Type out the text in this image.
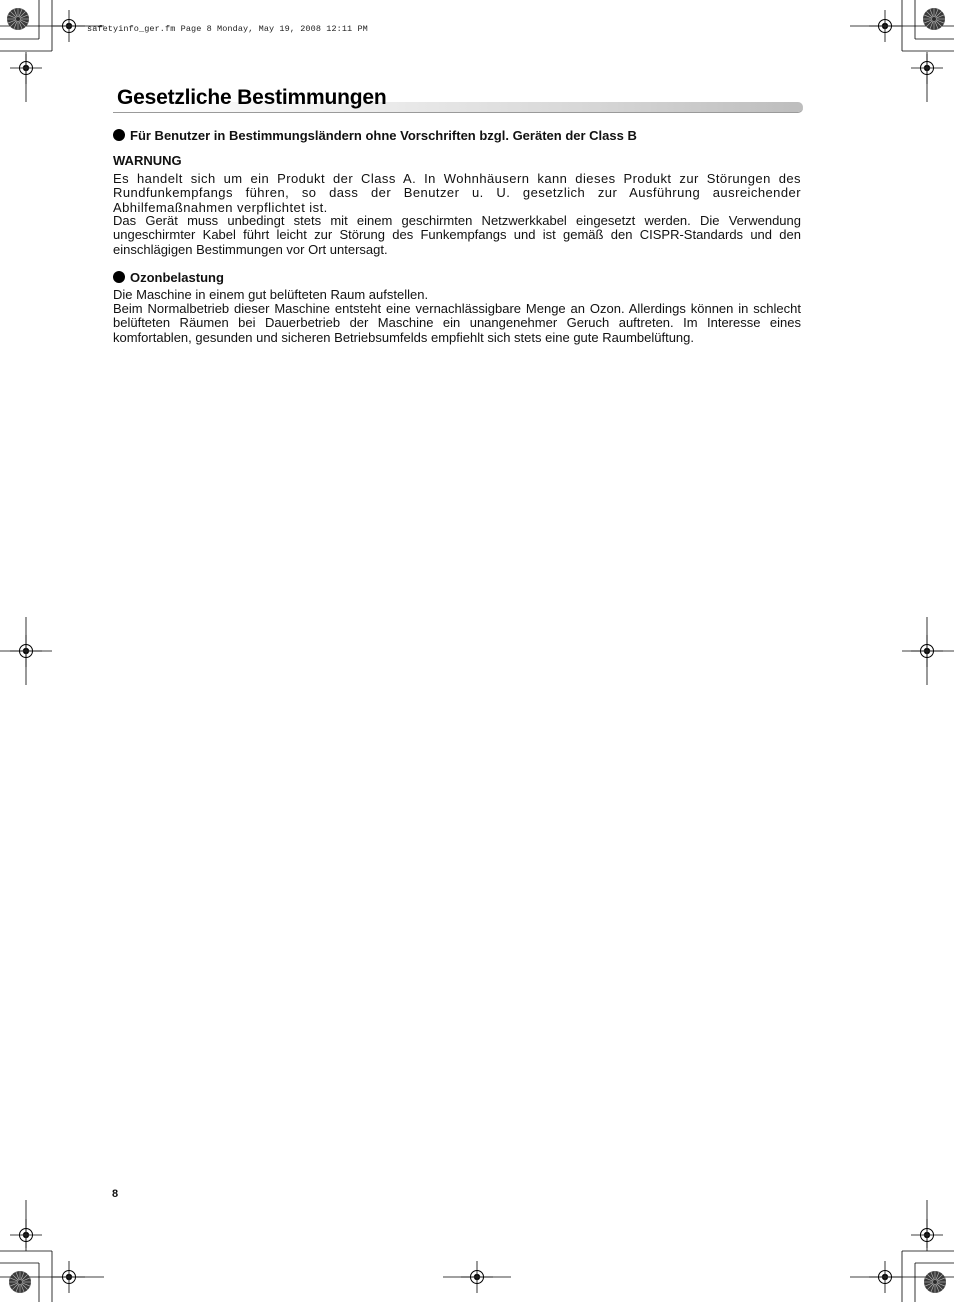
safetyinfo_ger.fm Page 8 Monday, May 19, 2008 12:11 PM
Gesetzliche Bestimmungen
Für Benutzer in Bestimmungsländern ohne Vorschriften bzgl. Geräten der Class B
WARNUNG

Es handelt sich um ein Produkt der Class A. In Wohnhäusern kann dieses Produkt zur Störungen des Rundfunkempfangs führen, so dass der Benutzer u. U. gesetzlich zur Ausführung ausreichender Abhilfemaßnahmen verpflichtet ist.

Das Gerät muss unbedingt stets mit einem geschirmten Netzwerkkabel eingesetzt werden. Die Verwendung ungeschirmter Kabel führt leicht zur Störung des Funkempfangs und ist gemäß den CISPR-Standards und den einschlägigen Bestimmungen vor Ort untersagt.

Ozonbelastung

Die Maschine in einem gut belüfteten Raum aufstellen.

Beim Normalbetrieb dieser Maschine entsteht eine vernachlässigbare Menge an Ozon. Allerdings können in schlecht belüfteten Räumen bei Dauerbetrieb der Maschine ein unangenehmer Geruch auftreten. Im Interesse eines komfortablen, gesunden und sicheren Betriebsumfelds empfiehlt sich stets eine gute Raumbelüftung.

8
